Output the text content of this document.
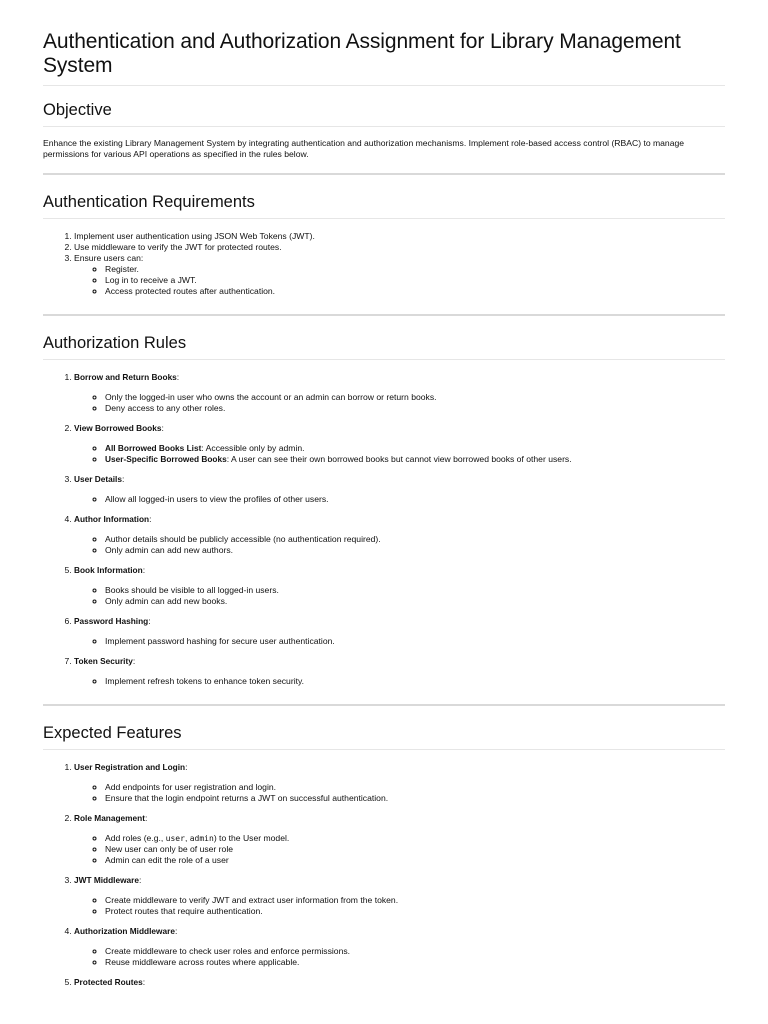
Authentication and Authorization Assignment for Library Management System
Objective

Enhance the existing Library Management System by integrating authentication and authorization mechanisms. Implement role-based access control (RBAC) to manage permissions for various API operations as specified in the rules below.

Authentication Requirements
1. Implement user authentication using JSON Web Tokens (JWT).
2. Use middleware to verify the JWT for protected routes.
3. Ensure users can:
◦ Register.
◦ Log in to receive a JWT.
◦ Access protected routes after authentication.
Authorization Rules
1. Borrow and Return Books:
◦ Only the logged-in user who owns the account or an admin can borrow or return books.
◦ Deny access to any other roles.
2. View Borrowed Books:
◦ All Borrowed Books List: Accessible only by admin.
◦ User-Specific Borrowed Books: A user can see their own borrowed books but cannot view borrowed books of other users.
3. User Details:
◦ Allow all logged-in users to view the profiles of other users.
4. Author Information:
◦ Author details should be publicly accessible (no authentication required).
◦ Only admin can add new authors.
5. Book Information:
◦ Books should be visible to all logged-in users.
◦ Only admin can add new books.
6. Password Hashing:
◦ Implement password hashing for secure user authentication.
7. Token Security:
◦ Implement refresh tokens to enhance token security.
Expected Features
1. User Registration and Login:
◦ Add endpoints for user registration and login.
◦ Ensure that the login endpoint returns a JWT on successful authentication.
2. Role Management:
◦ Add roles (e.g., user, admin) to the User model.
◦ New user can only be of user role
◦ Admin can edit the role of a user
3. JWT Middleware:
◦ Create middleware to verify JWT and extract user information from the token.
◦ Protect routes that require authentication.
4. Authorization Middleware:
◦ Create middleware to check user roles and enforce permissions.
◦ Reuse middleware across routes where applicable.
5. Protected Routes:
